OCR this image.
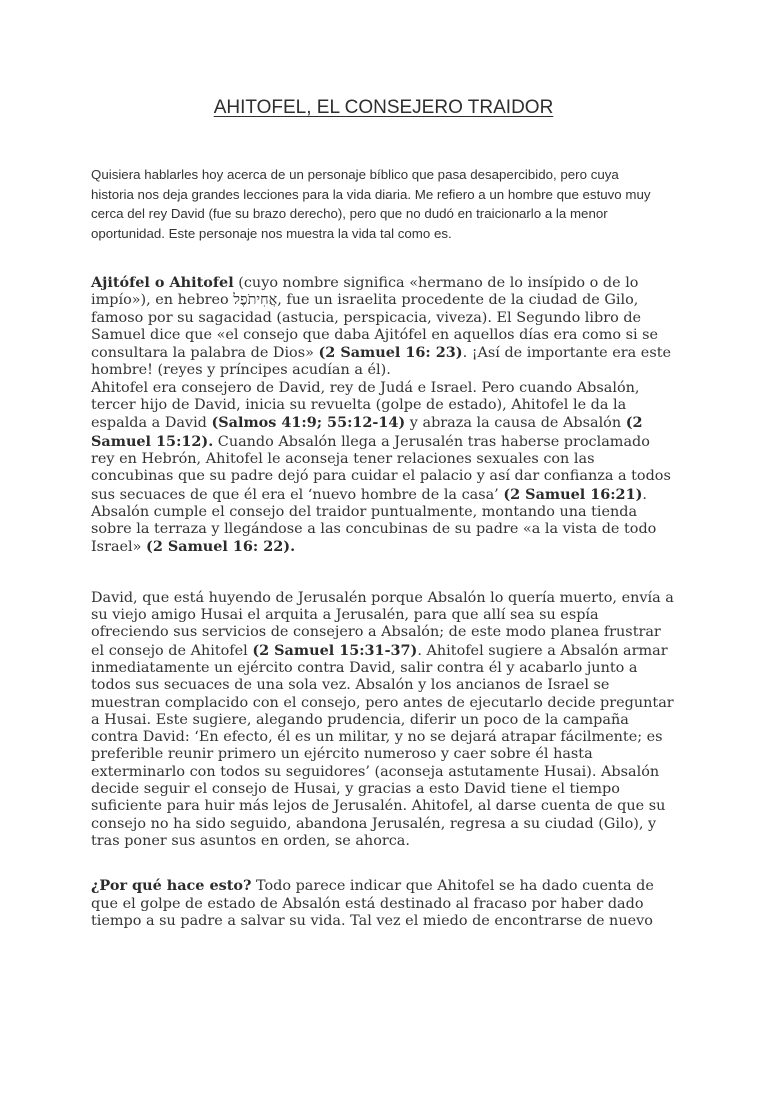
AHITOFEL, EL CONSEJERO TRAIDOR

Quisiera hablarles hoy acerca de un personaje bíblico que pasa desapercibido, pero cuya
historia nos deja grandes lecciones para la vida diaria. Me refiero a un hombre que estuvo muy
cerca del rey David (fue su brazo derecho), pero que no dudó en traicionarlo a la menor
oportunidad. Este personaje nos muestra la vida tal como es.

Ajitófel o Ahitofel (cuyo nombre significa «hermano de lo insípido o de lo
impío»), en hebreo אֲחִיתֹפֶל, fue un israelita procedente de la ciudad de Gilo,
famoso por su sagacidad (astucia, perspicacia, viveza). El Segundo libro de
Samuel dice que «el consejo que daba Ajitófel en aquellos días era como si se
consultara la palabra de Dios» (2 Samuel 16: 23). ¡Así de importante era este
hombre! (reyes y príncipes acudían a él).

Ahitofel era consejero de David, rey de Judá e Israel. Pero cuando Absalón,
tercer hijo de David, inicia su revuelta (golpe de estado), Ahitofel le da la
espalda a David (Salmos 41:9; 55:12-14) y abraza la causa de Absalón (2
Samuel 15:12). Cuando Absalón llega a Jerusalén tras haberse proclamado
rey en Hebrón, Ahitofel le aconseja tener relaciones sexuales con las
concubinas que su padre dejó para cuidar el palacio y así dar confianza a todos
sus secuaces de que él era el ‘nuevo hombre de la casa’ (2 Samuel 16:21).
Absalón cumple el consejo del traidor puntualmente, montando una tienda
sobre la terraza y llegándose a las concubinas de su padre «a la vista de todo
Israel» (2 Samuel 16: 22).

David, que está huyendo de Jerusalén porque Absalón lo quería muerto, envía a
su viejo amigo Husai el arquita a Jerusalén, para que allí sea su espía
ofreciendo sus servicios de consejero a Absalón; de este modo planea frustrar
el consejo de Ahitofel (2 Samuel 15:31-37). Ahitofel sugiere a Absalón armar
inmediatamente un ejército contra David, salir contra él y acabarlo junto a
todos sus secuaces de una sola vez. Absalón y los ancianos de Israel se
muestran complacido con el consejo, pero antes de ejecutarlo decide preguntar
a Husai. Este sugiere, alegando prudencia, diferir un poco de la campaña
contra David: ‘En efecto, él es un militar, y no se dejará atrapar fácilmente; es
preferible reunir primero un ejército numeroso y caer sobre él hasta
exterminarlo con todos su seguidores’ (aconseja astutamente Husai). Absalón
decide seguir el consejo de Husai, y gracias a esto David tiene el tiempo
suficiente para huir más lejos de Jerusalén. Ahitofel, al darse cuenta de que su
consejo no ha sido seguido, abandona Jerusalén, regresa a su ciudad (Gilo), y
tras poner sus asuntos en orden, se ahorca.

¿Por qué hace esto? Todo parece indicar que Ahitofel se ha dado cuenta de
que el golpe de estado de Absalón está destinado al fracaso por haber dado
tiempo a su padre a salvar su vida. Tal vez el miedo de encontrarse de nuevo
